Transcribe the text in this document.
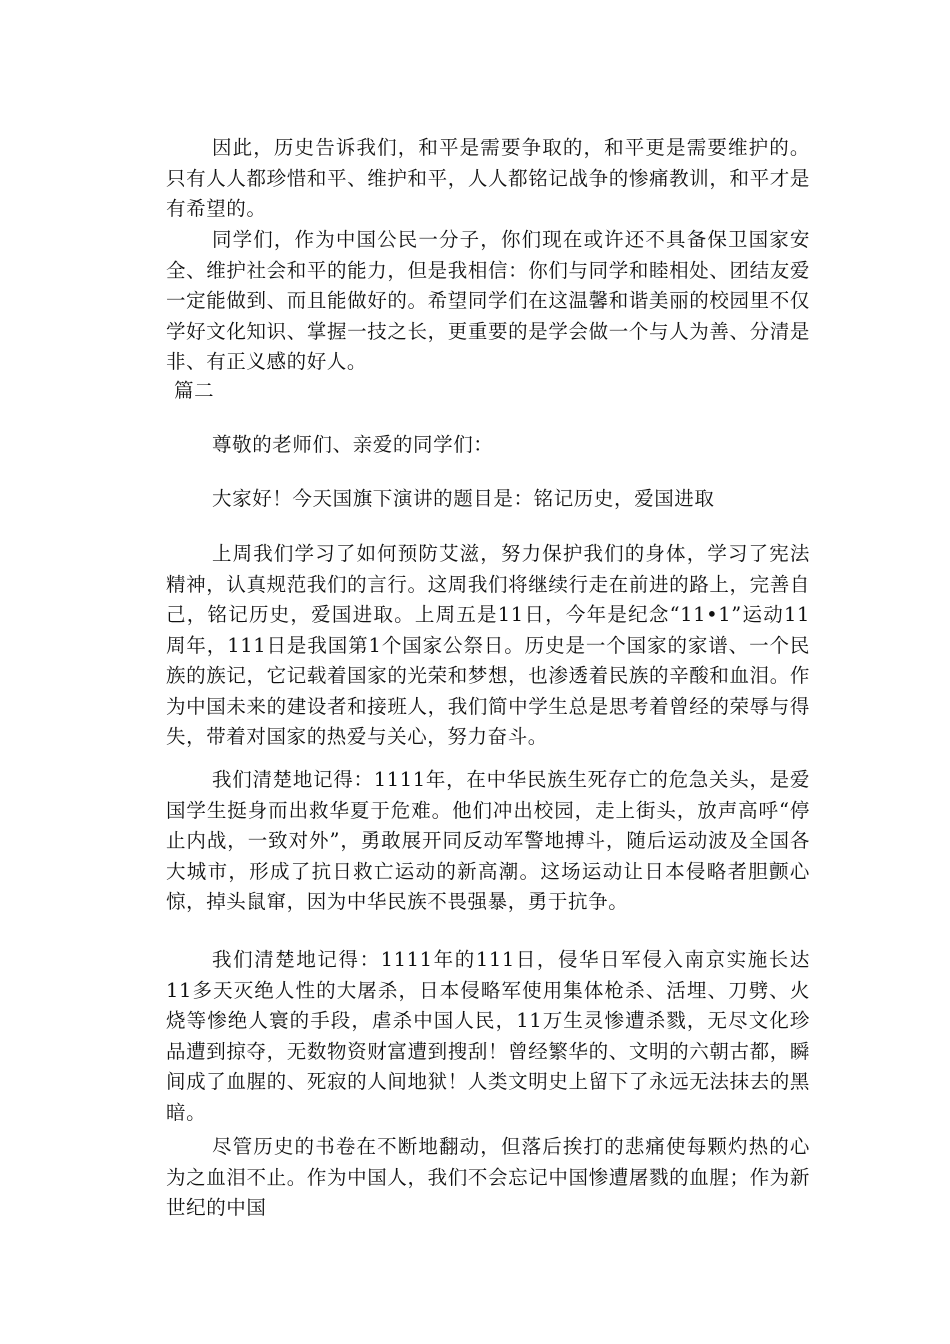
因此，历史告诉我们，和平是需要争取的，和平更是需要维护的。只有人人都珍惜和平、维护和平，人人都铭记战争的惨痛教训，和平才是有希望的。

同学们，作为中国公民一分子，你们现在或许还不具备保卫国家安全、维护社会和平的能力，但是我相信：你们与同学和睦相处、团结友爱一定能做到、而且能做好的。希望同学们在这温馨和谐美丽的校园里不仅学好文化知识、掌握一技之长，更重要的是学会做一个与人为善、分清是非、有正义感的好人。

篇二

尊敬的老师们、亲爱的同学们：

大家好！今天国旗下演讲的题目是：铭记历史，爱国进取

上周我们学习了如何预防艾滋，努力保护我们的身体，学习了宪法精神，认真规范我们的言行。这周我们将继续行走在前进的路上，完善自己，铭记历史，爱国进取。上周五是11日，今年是纪念“11•1”运动11周年，111日是我国第1个国家公祭日。历史是一个国家的家谱、一个民族的族记，它记载着国家的光荣和梦想，也渗透着民族的辛酸和血泪。作为中国未来的建设者和接班人，我们简中学生总是思考着曾经的荣辱与得失，带着对国家的热爱与关心，努力奋斗。

我们清楚地记得：1111年，在中华民族生死存亡的危急关头，是爱国学生挺身而出救华夏于危难。他们冲出校园，走上街头，放声高呼“停止内战，一致对外”，勇敢展开同反动军警地搏斗，随后运动波及全国各大城市，形成了抗日救亡运动的新高潮。这场运动让日本侵略者胆颤心惊，掉头鼠窜，因为中华民族不畏强暴，勇于抗争。

我们清楚地记得：1111年的111日，侵华日军侵入南京实施长达11多天灭绝人性的大屠杀，日本侵略军使用集体枪杀、活埋、刀劈、火烧等惨绝人寰的手段，虐杀中国人民，11万生灵惨遭杀戮，无尽文化珍品遭到掠夺，无数物资财富遭到搜刮！曾经繁华的、文明的六朝古都，瞬间成了血腥的、死寂的人间地狱！人类文明史上留下了永远无法抹去的黑暗。

尽管历史的书卷在不断地翻动，但落后挨打的悲痛使每颗灼热的心为之血泪不止。作为中国人，我们不会忘记中国惨遭屠戮的血腥；作为新世纪的中国
